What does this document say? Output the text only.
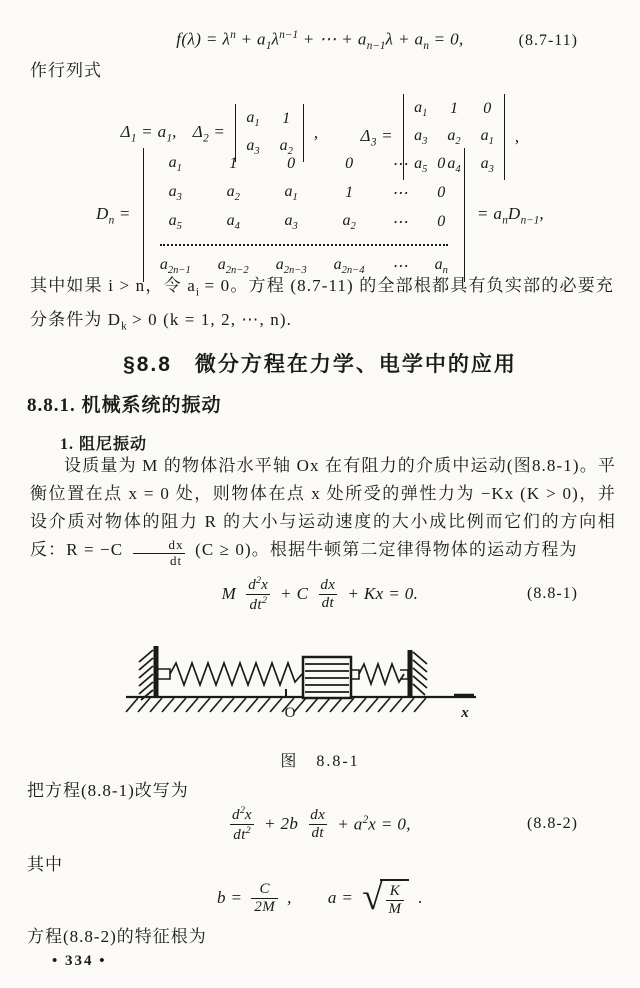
$f(\lambda) = \lambda^n + a_1\lambda^{n-1}$ + ⋯ + $a_{n-1}\lambda + a_n = 0$,	(8.7-11)
作行列式
$\Delta_1 = a_1$, $\Delta_2$ =
$a_1$ 1
$a_3$ $a_2$
, $\Delta_3$ =
$a_1$ 1 0
$a_3$ $a_2$ $a_1$
$a_5$ $a_4$ $a_3$
,
$D_n$ =
$a_1$	1	0	0 ⋯ 0
$a_3$	$a_2$	$a_1$	1 ⋯ 0
$a_5$	$a_4$	$a_3$	$a_2$ ⋯ 0
$a_{2n-1}$ $a_{2n-2}$ $a_{2n-3}$ $a_{2n-4}$ ⋯ $a_n$
= $a_nD_{n-1}$,

其中如果 i > n，令 $a_i = 0$。方程 (8.7-11) 的全部根都具有负实部的必要充分条件为 $D_k > 0$ (k = 1, 2, ⋯, n).

§8.8　微分方程在力学、电学中的应用
8.8.1. 机械系统的振动
1. 阻尼振动

设质量为 M 的物体沿水平轴 Ox 在有阻力的介质中运动(图8.8-1)。平衡位置在点 x = 0 处，则物体在点 x 处所受的弹性力为 −Kx (K > 0)，并设介质对物体的阻力 R 的大小与运动速度的大小成比例而它们的方向相反：$R = -C \frac{dx}{dt} (C \ge 0)$。根据牛顿第二定律得物体的运动方程为

M $\frac{d^2x}{dt^2} + C \frac{dx}{dt} + Kx = 0$.	(8.8-1)
O	x
图　8.8-1
把方程(8.8-1)改写为
$\frac{d^2x}{dt^2} + 2b \frac{dx}{dt} + a^2x = 0$,	(8.8-2)
其中
$b = \frac{C}{2M}$ , a = √ $\frac{K}{M}$ .
方程(8.8-2)的特征根为
• 334 •
